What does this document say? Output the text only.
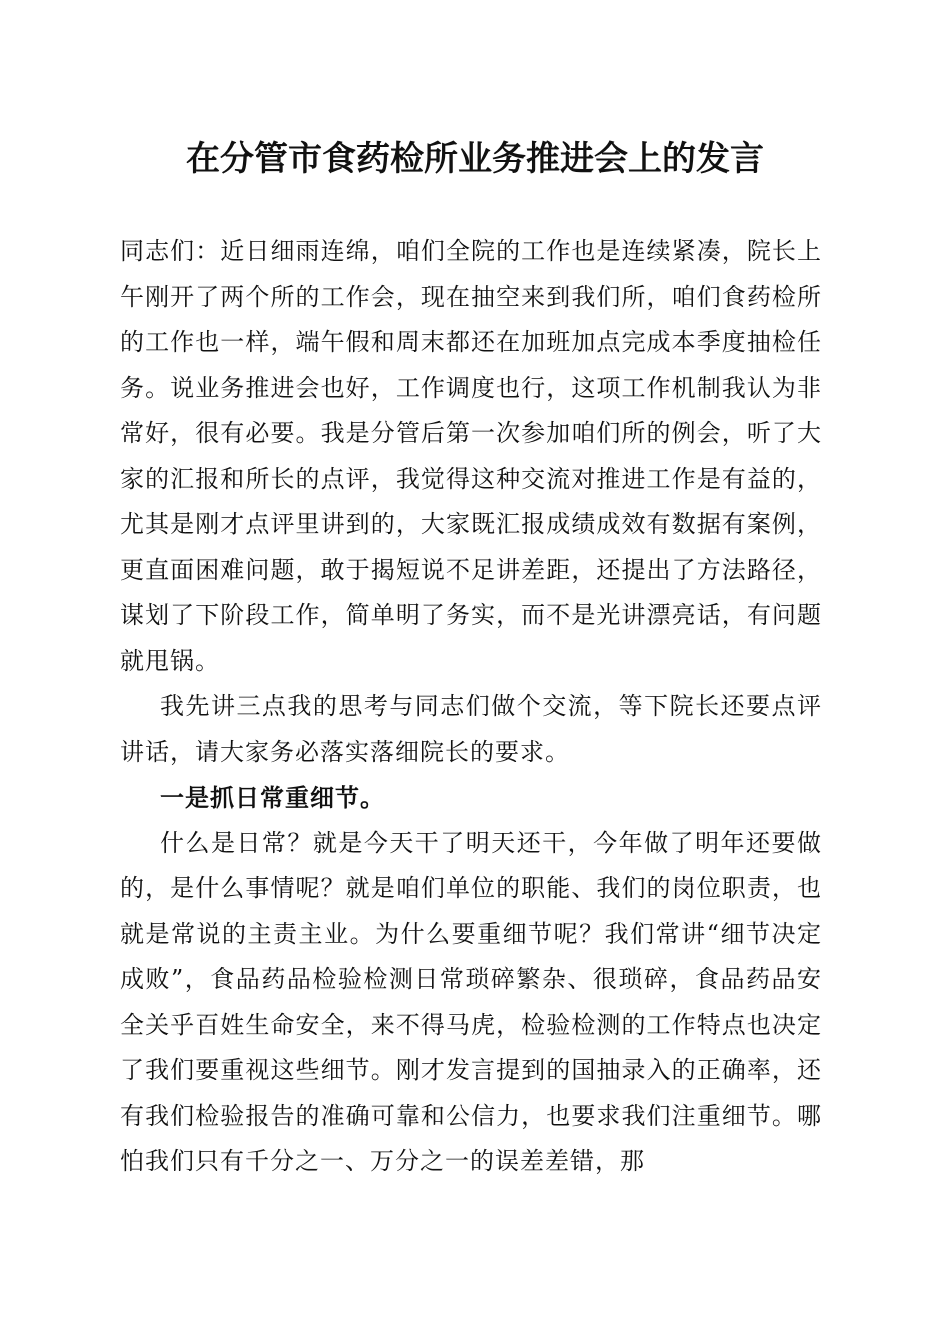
在分管市食药检所业务推进会上的发言

同志们：近日细雨连绵，咱们全院的工作也是连续紧凑，院长上午刚开了两个所的工作会，现在抽空来到我们所，咱们食药检所的工作也一样，端午假和周末都还在加班加点完成本季度抽检任务。说业务推进会也好，工作调度也行，这项工作机制我认为非常好，很有必要。我是分管后第一次参加咱们所的例会，听了大家的汇报和所长的点评，我觉得这种交流对推进工作是有益的，尤其是刚才点评里讲到的，大家既汇报成绩成效有数据有案例，更直面困难问题，敢于揭短说不足讲差距，还提出了方法路径，谋划了下阶段工作，简单明了务实，而不是光讲漂亮话，有问题就甩锅。

我先讲三点我的思考与同志们做个交流，等下院长还要点评讲话，请大家务必落实落细院长的要求。

一是抓日常重细节。

什么是日常？就是今天干了明天还干，今年做了明年还要做的，是什么事情呢？就是咱们单位的职能、我们的岗位职责，也就是常说的主责主业。为什么要重细节呢？我们常讲“细节决定成败”，食品药品检验检测日常琐碎繁杂、很琐碎，食品药品安全关乎百姓生命安全，来不得马虎，检验检测的工作特点也决定了我们要重视这些细节。刚才发言提到的国抽录入的正确率，还有我们检验报告的准确可靠和公信力，也要求我们注重细节。哪怕我们只有千分之一、万分之一的误差差错，那
